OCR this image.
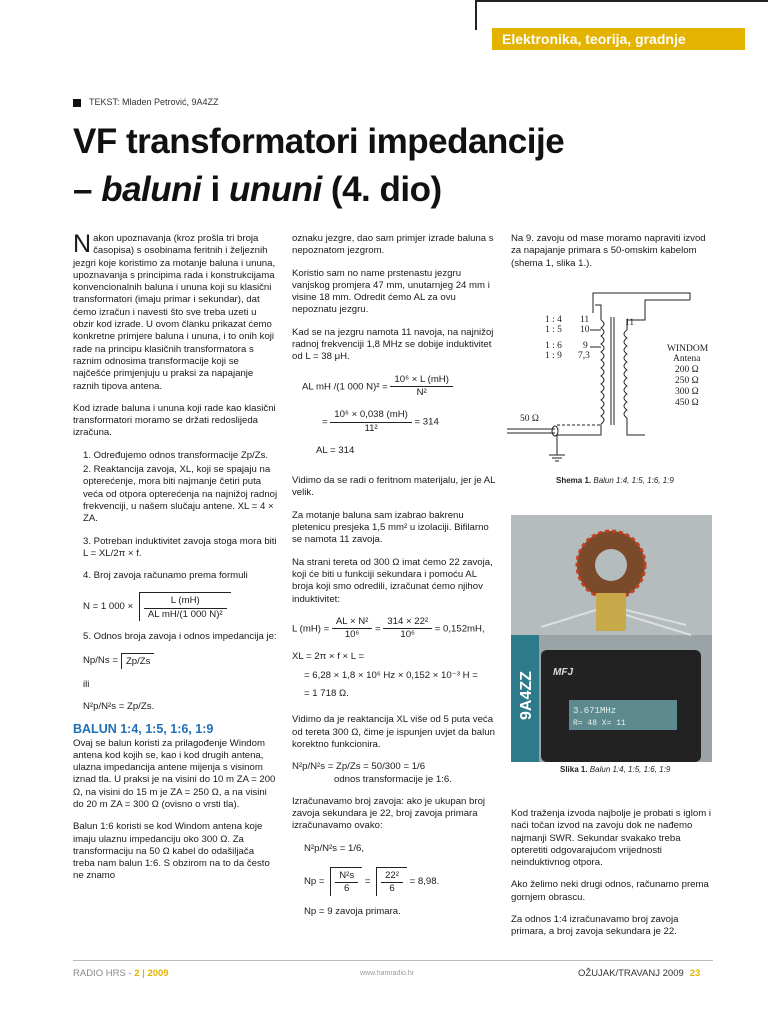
Elektronika, teorija, gradnje
TEKST: Mladen Petrović, 9A4ZZ
VF transformatori impedancije
– baluni i ununi (4. dio)

Nakon upoznavanja (kroz prošla tri broja časopisa) s osobinama feritnih i željeznih jezgri koje koristimo za motanje baluna i ununa, upoznavanja s principima rada i konstrukcijama konvencionalnih baluna i ununa koji su klasični transformatori (imaju primar i sekundar), dat ćemo izračun i navesti što sve treba uzeti u obzir kod izrade. U ovom članku prikazat ćemo konkretne primjere baluna i ununa, i to onih koji rade na principu klasičnih transformatora s raznim odnosima transformacije koji se najčešće primjenjuju u praksi za napajanje raznih tipova antena.

Kod izrade baluna i ununa koji rade kao klasični transformatori moramo se držati redoslijeda izračuna.

1. Određujemo odnos transformacije Zp/Zs.
2. Reaktancija zavoja, XL, koji se spajaju na opterećenje, mora biti najmanje četiri puta veća od otpora opterećenja na najnižoj radnoj frekvenciji, u našem slučaju antene. XL = 4 × ZA.
3. Potreban induktivitet zavoja stoga mora biti L = XL/2π × f.
4. Broj zavoja računamo prema formuli
N = 1 $000 \times \frac{L (mH)}{\text{AL mH/(1 000 N)²}}$
5. Odnos broja zavoja i odnos impedancija je:
Np/Ns = Zp/Zs
ili
N²p/N²s = Zp/Zs.
BALUN 1:4, 1:5, 1:6, 1:9

Ovaj se balun koristi za prilagođenje Windom antena kod kojih se, kao i kod drugih antena, ulazna impedancija antene mijenja s visinom iznad tla. U praksi je na visini do 10 m ZA = 200 Ω, na visini do 15 m je ZA = 250 Ω, a na visini do 20 m ZA = 300 Ω (ovisno o vrsti tla).

Balun 1:6 koristi se kod Windom antena koje imaju ulaznu impedanciju oko 300 Ω. Za transformaciju na 50 Ω kabel do odašiljača treba nam balun 1:6. S obzirom na to da često ne znamo

oznaku jezgre, dao sam primjer izrade baluna s nepoznatom jezgrom.

Koristio sam no name prstenastu jezgru vanjskog promjera 47 mm, unutarnjeg 24 mm i visine 18 mm. Odredit ćemo AL za ovu nepoznatu jezgru.

Kad se na jezgru namota 11 navoja, na najnižoj radnoj frekvenciji 1,8 MHz se dobije induktivitet od L = 38 μH.

AL mH /(1 000 $N)^2 = \frac{\text{10⁶ × L (mH)}}{\text{N²}}$
= $\frac{\text{10⁶ × 0,038 (mH)}}{\text{11²}} = 314$
AL = 314

Vidimo da se radi o feritnom materijalu, jer je AL velik.

Za motanje baluna sam izabrao bakrenu pletenicu presjeka 1,5 mm² u izolaciji. Bifilarno se namota 11 zavoja.

Na strani tereta od 300 Ω imat ćemo 22 zavoja, koji će biti u funkciji sekundara i pomoću AL broja koji smo odredili, izračunat ćemo njihov induktivitet:

L $(mH) = \frac{\text{AL × N²}}{\text{10⁶}} = \frac{\text{314 × 22²}}{\text{10⁶}} = 0,152mH$,
XL = 2π × f × L =
= 6,28 × 1,8 × 10⁶ Hz × 0,152 × 10⁻³ H =
= 1 718 Ω.

Vidimo da je reaktancija XL više od 5 puta veća od tereta 300 Ω, čime je ispunjen uvjet da balun korektno funkcionira.

N²p/N²s = Zp/Zs = 50/300 = 1/6

odnos transformacije je 1:6.

Izračunavamo broj zavoja: ako je ukupan broj zavoja sekundara je 22, broj zavoja primara izračunavamo ovako:

N²p/N²s = 1/6,
$Np = \frac{\text{N²s}}{6} = \frac{\text{22²}}{6} = 8,98$.
Np = 9 zavoja primara.

Na 9. zavoju od mase moramo napraviti izvod za napajanje primara s 50-omskim kabelom (shema 1, slika 1.).

1 : 4
1 : 5
1 : 6
1 : 9
11
10
9
7,3
11
WINDOM
Antena
200 Ω
250 Ω
300 Ω
450 Ω
50 Ω
Shema 1. Balun 1:4, 1:5, 1:6, 1:9
9A4ZZ MFJ
3.671MHz
R= 48 X= 11
Slika 1. Balun 1:4, 1:5, 1:6, 1:9

Kod traženja izvoda najbolje je probati s iglom i naći točan izvod na zavoju dok ne nađemo najmanji SWR. Sekundar svakako treba opteretiti odgovarajućom vrijednosti neinduktivnog otpora.

Ako želimo neki drugi odnos, računamo prema gornjem obrascu.

Za odnos 1:4 izračunavamo broj zavoja primara, a broj zavoja sekundara je 22.

RADIO HRS - 2 | 2009	www.hamradio.hr	OŽUJAK/TRAVANJ 2009 23
